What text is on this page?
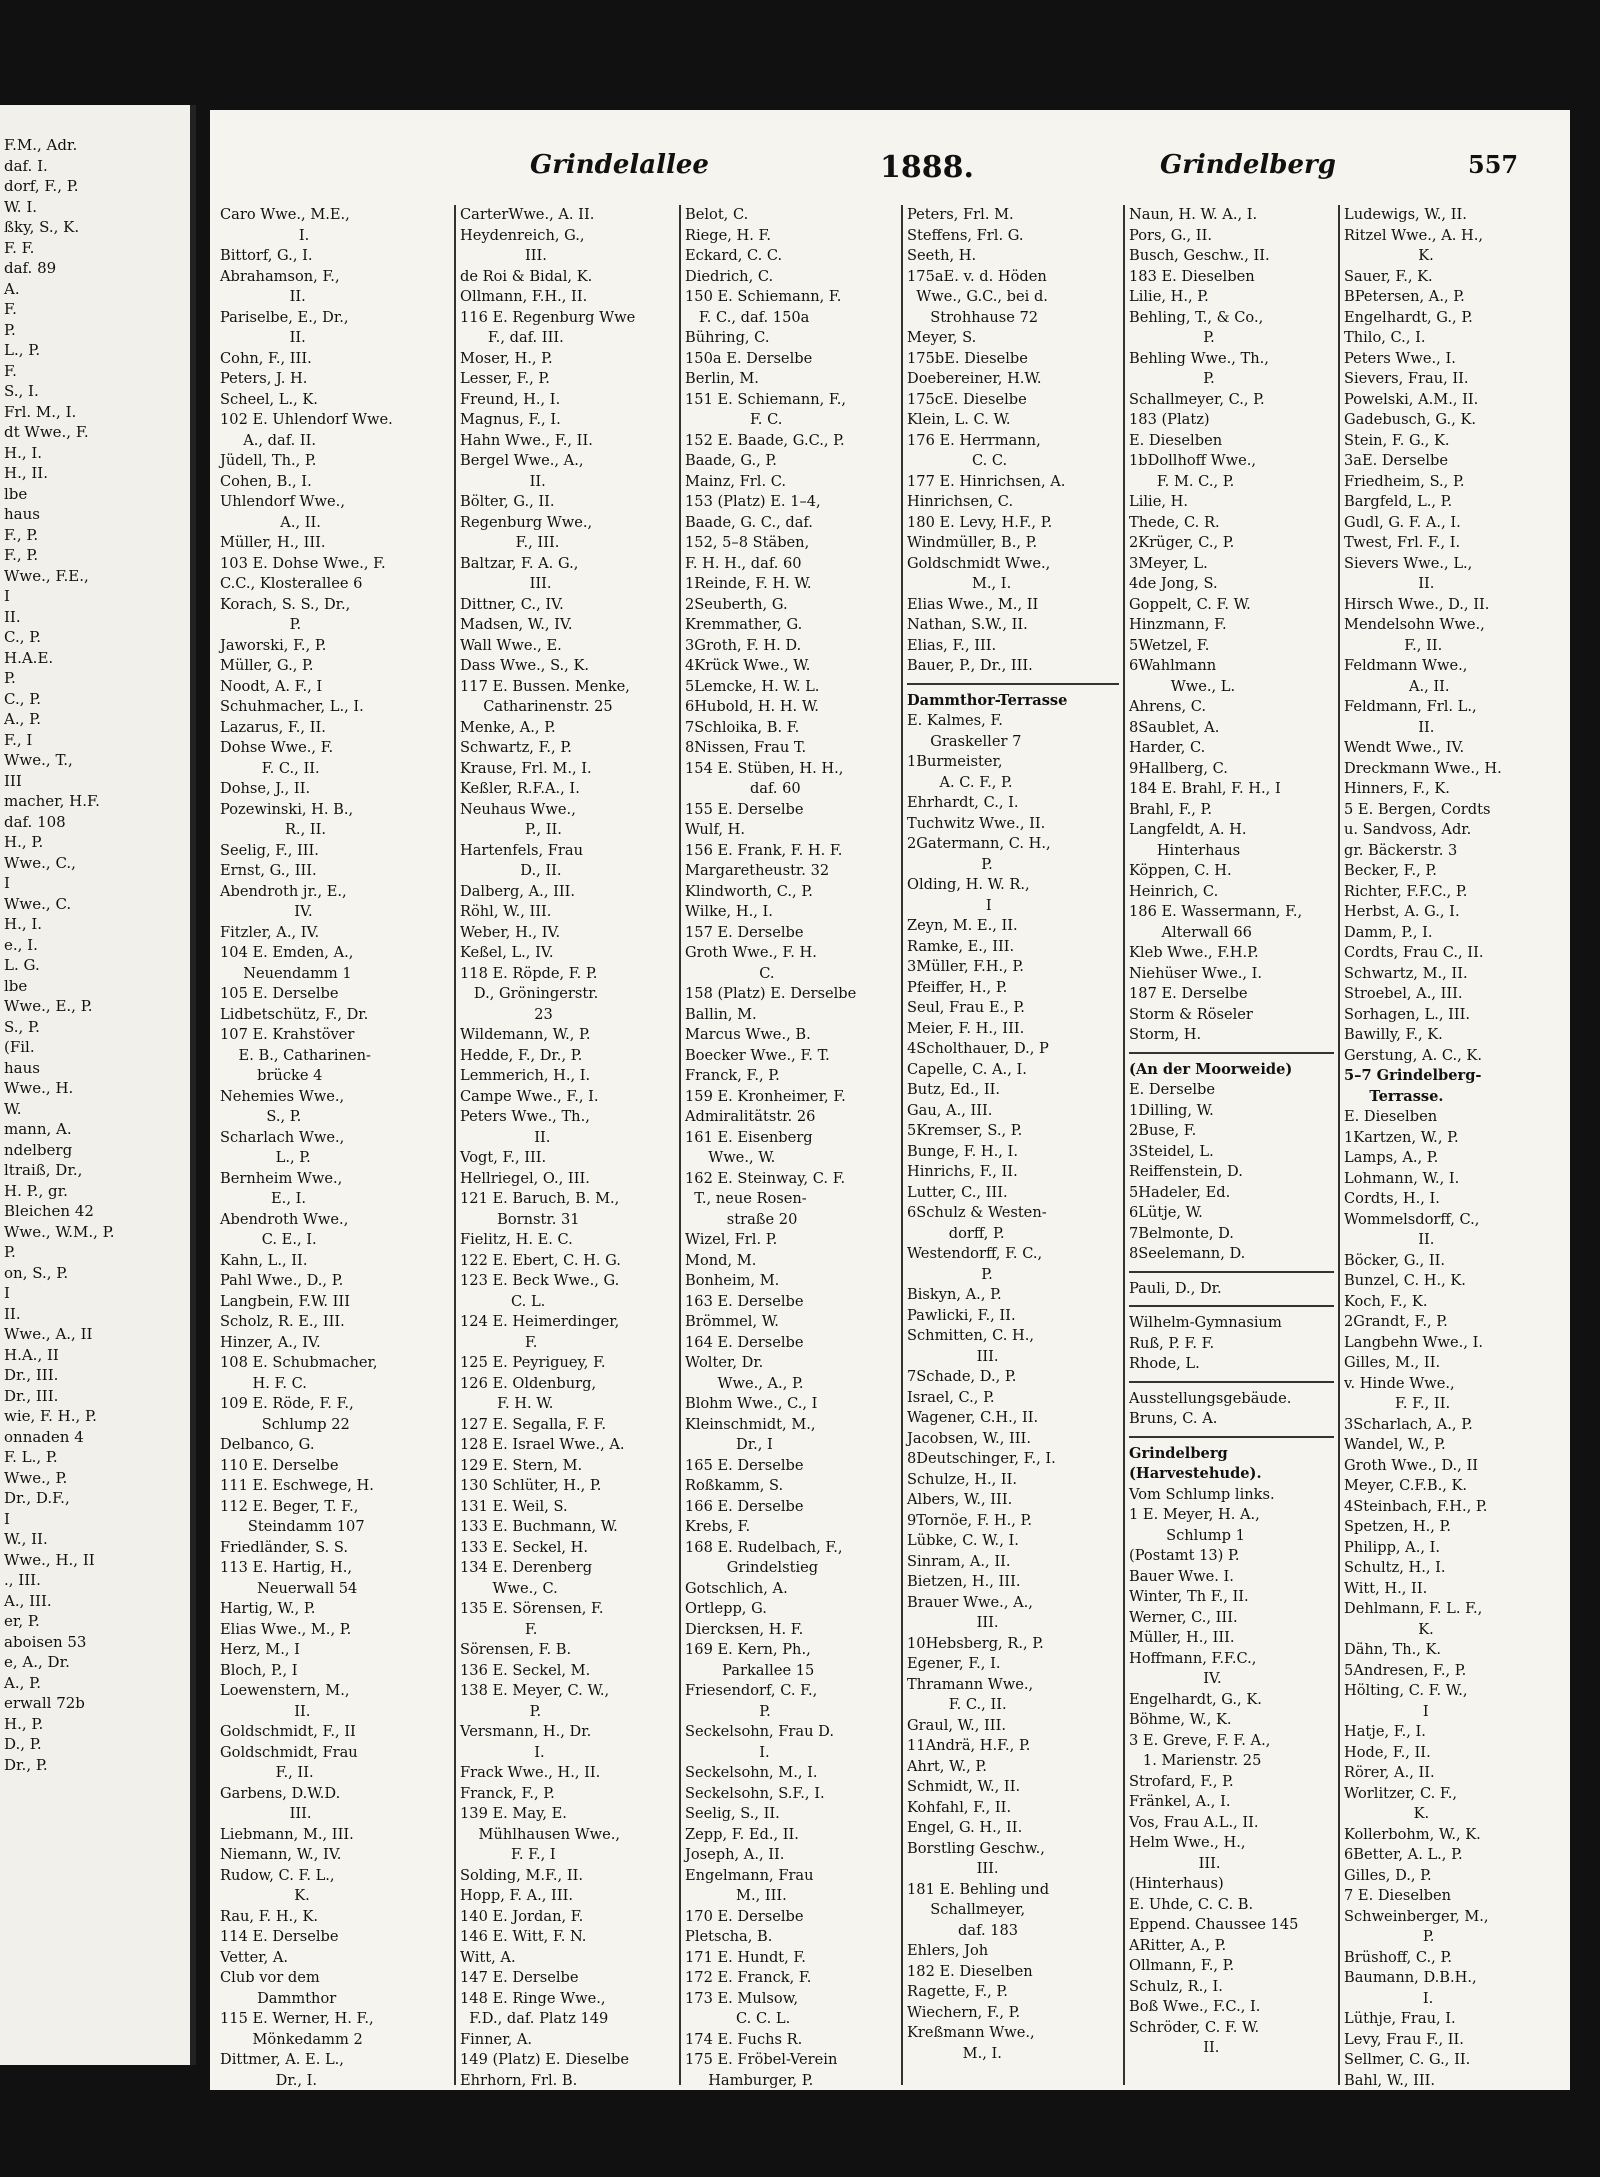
F.M., Adr.
daf. I.
dorf, F., P.
W. I.
ßky, S., K.
F. F.
daf. 89
A.
F.
P.
L., P.
F.
S., I.
Frl. M., I.
dt Wwe., F.
H., I.
H., II.
lbe
haus
F., P.
F., P.
Wwe., F.E.,
I
II.
C., P.
H.A.E.
P.
C., P.
A., P.
F., I
Wwe., T.,
III
macher, H.F.
daf. 108
H., P.
Wwe., C.,
I
Wwe., C.
H., I.
e., I.
L. G.
lbe
Wwe., E., P.
S., P.
(Fil.
haus
Wwe., H.
W.
mann, A.
ndelberg
ltraiß, Dr.,
H. P., gr.
Bleichen 42
Wwe., W.M., P.
P.
on, S., P.
I
II.
Wwe., A., II
H.A., II
Dr., III.
Dr., III.
wie, F. H., P.
onnaden 4
F. L., P.
Wwe., P.
Dr., D.F.,
I
W., II.
Wwe., H., II
., III.
A., III.
er, P.
aboisen 53
e, A., Dr.
A., P.
erwall 72b
H., P.
D., P.
Dr., P.
Grindelallee	1888.	Grindelberg	557
Caro Wwe., M.E.,
I.
Bittorf, G., I.
Abrahamson, F.,
II.
Pariselbe, E., Dr.,
II.
Cohn, F., III.
Peters, J. H.
Scheel, L., K.
102 E. Uhlendorf Wwe.
A., daf. II.
Jüdell, Th., P.
Cohen, B., I.
Uhlendorf Wwe.,
A., II.
Müller, H., III.
103 E. Dohse Wwe., F.
C.C., Klosterallee 6
Korach, S. S., Dr.,
P.
Jaworski, F., P.
Müller, G., P.
Noodt, A. F., I
Schuhmacher, L., I.
Lazarus, F., II.
Dohse Wwe., F.
F. C., II.
Dohse, J., II.
Pozewinski, H. B.,
R., II.
Seelig, F., III.
Ernst, G., III.
Abendroth jr., E.,
IV.
Fitzler, A., IV.
104 E. Emden, A.,
Neuendamm 1
105 E. Derselbe
Lidbetschütz, F., Dr.
107 E. Krahstöver
E. B., Catharinen-
brücke 4
Nehemies Wwe.,
S., P.
Scharlach Wwe.,
L., P.
Bernheim Wwe.,
E., I.
Abendroth Wwe.,
C. E., I.
Kahn, L., II.
Pahl Wwe., D., P.
Langbein, F.W. III
Scholz, R. E., III.
Hinzer, A., IV.
108 E. Schubmacher,
H. F. C.
109 E. Röde, F. F.,
Schlump 22
Delbanco, G.
110 E. Derselbe
111 E. Eschwege, H.
112 E. Beger, T. F.,
Steindamm 107
Friedländer, S. S.
113 E. Hartig, H.,
Neuerwall 54
Hartig, W., P.
Elias Wwe., M., P.
Herz, M., I
Bloch, P., I
Loewenstern, M.,
II.
Goldschmidt, F., II
Goldschmidt, Frau
F., II.
Garbens, D.W.D.
III.
Liebmann, M., III.
Niemann, W., IV.
Rudow, C. F. L.,
K.
Rau, F. H., K.
114 E. Derselbe
Vetter, A.
Club vor dem
Dammthor
115 E. Werner, H. F.,
Mönkedamm 2
Dittmer, A. E. L.,
Dr., I.
CarterWwe., A. II.
Heydenreich, G.,
III.
de Roi & Bidal, K.
Ollmann, F.H., II.
116 E. Regenburg Wwe
F., daf. III.
Moser, H., P.
Lesser, F., P.
Freund, H., I.
Magnus, F., I.
Hahn Wwe., F., II.
Bergel Wwe., A.,
II.
Bölter, G., II.
Regenburg Wwe.,
F., III.
Baltzar, F. A. G.,
III.
Dittner, C., IV.
Madsen, W., IV.
Wall Wwe., E.
Dass Wwe., S., K.
117 E. Bussen. Menke,
Catharinenstr. 25
Menke, A., P.
Schwartz, F., P.
Krause, Frl. M., I.
Keßler, R.F.A., I.
Neuhaus Wwe.,
P., II.
Hartenfels, Frau
D., II.
Dalberg, A., III.
Röhl, W., III.
Weber, H., IV.
Keßel, L., IV.
118 E. Röpde, F. P.
D., Gröningerstr.
23
Wildemann, W., P.
Hedde, F., Dr., P.
Lemmerich, H., I.
Campe Wwe., F., I.
Peters Wwe., Th.,
II.
Vogt, F., III.
Hellriegel, O., III.
121 E. Baruch, B. M.,
Bornstr. 31
Fielitz, H. E. C.
122 E. Ebert, C. H. G.
123 E. Beck Wwe., G.
C. L.
124 E. Heimerdinger,
F.
125 E. Peyriguey, F.
126 E. Oldenburg,
F. H. W.
127 E. Segalla, F. F.
128 E. Israel Wwe., A.
129 E. Stern, M.
130 Schlüter, H., P.
131 E. Weil, S.
133 E. Buchmann, W.
133 E. Seckel, H.
134 E. Derenberg
Wwe., C.
135 E. Sörensen, F.
F.
Sörensen, F. B.
136 E. Seckel, M.
138 E. Meyer, C. W.,
P.
Versmann, H., Dr.
I.
Frack Wwe., H., II.
Franck, F., P.
139 E. May, E.
Mühlhausen Wwe.,
F. F., I
Solding, M.F., II.
Hopp, F. A., III.
140 E. Jordan, F.
146 E. Witt, F. N.
Witt, A.
147 E. Derselbe
148 E. Ringe Wwe.,
F.D., daf. Platz 149
Finner, A.
149 (Platz) E. Dieselbe
Ehrhorn, Frl. B.
Hamm, F. S.
Belot, C.
Riege, H. F.
Eckard, C. C.
Diedrich, C.
150 E. Schiemann, F.
F. C., daf. 150a
Bühring, C.
150a E. Derselbe
Berlin, M.
151 E. Schiemann, F.,
F. C.
152 E. Baade, G.C., P.
Baade, G., P.
Mainz, Frl. C.
153 (Platz) E. 1–4,
Baade, G. C., daf.
152, 5–8 Stäben,
F. H. H., daf. 60
1Reinde, F. H. W.
2Seuberth, G.
Kremmather, G.
3Groth, F. H. D.
4Krück Wwe., W.
5Lemcke, H. W. L.
6Hubold, H. H. W.
7Schloika, B. F.
8Nissen, Frau T.
154 E. Stüben, H. H.,
daf. 60
155 E. Derselbe
Wulf, H.
156 E. Frank, F. H. F.
Margaretheustr. 32
Klindworth, C., P.
Wilke, H., I.
157 E. Derselbe
Groth Wwe., F. H.
C.
158 (Platz) E. Derselbe
Ballin, M.
Marcus Wwe., B.
Boecker Wwe., F. T.
Franck, F., P.
159 E. Kronheimer, F.
Admiralitätstr. 26
161 E. Eisenberg
Wwe., W.
162 E. Steinway, C. F.
T., neue Rosen-
straße 20
Wizel, Frl. P.
Mond, M.
Bonheim, M.
163 E. Derselbe
Brömmel, W.
164 E. Derselbe
Wolter, Dr.
Wwe., A., P.
Blohm Wwe., C., I
Kleinschmidt, M.,
Dr., I
165 E. Derselbe
Roßkamm, S.
166 E. Derselbe
Krebs, F.
168 E. Rudelbach, F.,
Grindelstieg
Gotschlich, A.
Ortlepp, G.
Diercksen, H. F.
169 E. Kern, Ph.,
Parkallee 15
Friesendorf, C. F.,
P.
Seckelsohn, Frau D.
I.
Seckelsohn, M., I.
Seckelsohn, S.F., I.
Seelig, S., II.
Zepp, F. Ed., II.
Joseph, A., II.
Engelmann, Frau
M., III.
170 E. Derselbe
Pletscha, B.
171 E. Hundt, F.
172 E. Franck, F.
173 E. Mulsow,
C. C. L.
174 E. Fuchs R.
175 E. Fröbel-Verein
Hamburger, P.
Peters, Frl. M.
Steffens, Frl. G.
Seeth, H.
175aE. v. d. Höden
Wwe., G.C., bei d.
Strohhause 72
Meyer, S.
175bE. Dieselbe
Doebereiner, H.W.
175cE. Dieselbe
Klein, L. C. W.
176 E. Herrmann,
C. C.
177 E. Hinrichsen, A.
Hinrichsen, C.
180 E. Levy, H.F., P.
Windmüller, B., P.
Goldschmidt Wwe.,
M., I.
Elias Wwe., M., II
Nathan, S.W., II.
Elias, F., III.
Bauer, P., Dr., III.
Dammthor-Terrasse
E. Kalmes, F.
Graskeller 7
1Burmeister,
A. C. F., P.
Ehrhardt, C., I.
Tuchwitz Wwe., II.
2Gatermann, C. H.,
P.
Olding, H. W. R.,
I
Zeyn, M. E., II.
Ramke, E., III.
3Müller, F.H., P.
Pfeiffer, H., P.
Seul, Frau E., P.
Meier, F. H., III.
4Scholthauer, D., P
Capelle, C. A., I.
Butz, Ed., II.
Gau, A., III.
5Kremser, S., P.
Bunge, F. H., I.
Hinrichs, F., II.
Lutter, C., III.
6Schulz & Westen-
dorff, P.
Westendorff, F. C.,
P.
Biskyn, A., P.
Pawlicki, F., II.
Schmitten, C. H.,
III.
7Schade, D., P.
Israel, C., P.
Wagener, C.H., II.
Jacobsen, W., III.
8Deutschinger, F., I.
Schulze, H., II.
Albers, W., III.
9Tornöe, F. H., P.
Lübke, C. W., I.
Sinram, A., II.
Bietzen, H., III.
Brauer Wwe., A.,
III.
10Hebsberg, R., P.
Egener, F., I.
Thramann Wwe.,
F. C., II.
Graul, W., III.
11Andrä, H.F., P.
Ahrt, W., P.
Schmidt, W., II.
Kohfahl, F., II.
Engel, G. H., II.
Borstling Geschw.,
III.
181 E. Behling und
Schallmeyer,
daf. 183
Ehlers, Joh
182 E. Dieselben
Ragette, F., P.
Wiechern, F., P.
Kreßmann Wwe.,
M., I.
Naun, H. W. A., I.
Pors, G., II.
Busch, Geschw., II.
183 E. Dieselben
Lilie, H., P.
Behling, T., & Co.,
P.
Behling Wwe., Th.,
P.
Schallmeyer, C., P.
183 (Platz)
E. Dieselben
1bDollhoff Wwe.,
F. M. C., P.
Lilie, H.
Thede, C. R.
2Krüger, C., P.
3Meyer, L.
4de Jong, S.
Goppelt, C. F. W.
Hinzmann, F.
5Wetzel, F.
6Wahlmann
Wwe., L.
Ahrens, C.
8Saublet, A.
Harder, C.
9Hallberg, C.
184 E. Brahl, F. H., I
Brahl, F., P.
Langfeldt, A. H.
Hinterhaus
Köppen, C. H.
Heinrich, C.
186 E. Wassermann, F.,
Alterwall 66
Kleb Wwe., F.H.P.
Niehüser Wwe., I.
187 E. Derselbe
Storm & Röseler
Storm, H.
(An der Moorweide)
E. Derselbe
1Dilling, W.
2Buse, F.
3Steidel, L.
Reiffenstein, D.
5Hadeler, Ed.
6Lütje, W.
7Belmonte, D.
8Seelemann, D.
Pauli, D., Dr.
Wilhelm-Gymnasium
Ruß, P. F. F.
Rhode, L.
Ausstellungsgebäude.
Bruns, C. A.
Grindelberg
(Harvestehude).
Vom Schlump links.
1 E. Meyer, H. A.,
Schlump 1
(Postamt 13) P.
Bauer Wwe. I.
Winter, Th F., II.
Werner, C., III.
Müller, H., III.
Hoffmann, F.F.C.,
IV.
Engelhardt, G., K.
Böhme, W., K.
3 E. Greve, F. F. A.,
1. Marienstr. 25
Strofard, F., P.
Fränkel, A., I.
Vos, Frau A.L., II.
Helm Wwe., H.,
III.
(Hinterhaus)
E. Uhde, C. C. B.
Eppend. Chaussee 145
ARitter, A., P.
Ollmann, F., P.
Schulz, R., I.
Boß Wwe., F.C., I.
Schröder, C. F. W.
II.
Ludewigs, W., II.
Ritzel Wwe., A. H.,
K.
Sauer, F., K.
BPetersen, A., P.
Engelhardt, G., P.
Thilo, C., I.
Peters Wwe., I.
Sievers, Frau, II.
Powelski, A.M., II.
Gadebusch, G., K.
Stein, F. G., K.
3aE. Derselbe
Friedheim, S., P.
Bargfeld, L., P.
Gudl, G. F. A., I.
Twest, Frl. F., I.
Sievers Wwe., L.,
II.
Hirsch Wwe., D., II.
Mendelsohn Wwe.,
F., II.
Feldmann Wwe.,
A., II.
Feldmann, Frl. L.,
II.
Wendt Wwe., IV.
Dreckmann Wwe., H.
Hinners, F., K.
5 E. Bergen, Cordts
u. Sandvoss, Adr.
gr. Bäckerstr. 3
Becker, F., P.
Richter, F.F.C., P.
Herbst, A. G., I.
Damm, P., I.
Cordts, Frau C., II.
Schwartz, M., II.
Stroebel, A., III.
Sorhagen, L., III.
Bawilly, F., K.
Gerstung, A. C., K.
5–7 Grindelberg-
Terrasse.
E. Dieselben
1Kartzen, W., P.
Lamps, A., P.
Lohmann, W., I.
Cordts, H., I.
Wommelsdorff, C.,
II.
Böcker, G., II.
Bunzel, C. H., K.
Koch, F., K.
2Grandt, F., P.
Langbehn Wwe., I.
Gilles, M., II.
v. Hinde Wwe.,
F. F., II.
3Scharlach, A., P.
Wandel, W., P.
Groth Wwe., D., II
Meyer, C.F.B., K.
4Steinbach, F.H., P.
Spetzen, H., P.
Philipp, A., I.
Schultz, H., I.
Witt, H., II.
Dehlmann, F. L. F.,
K.
Dähn, Th., K.
5Andresen, F., P.
Hölting, C. F. W.,
I
Hatje, F., I.
Hode, F., II.
Rörer, A., II.
Worlitzer, C. F.,
K.
Kollerbohm, W., K.
6Better, A. L., P.
Gilles, D., P.
7 E. Dieselben
Schweinberger, M.,
P.
Brüshoff, C., P.
Baumann, D.B.H.,
I.
Lüthje, Frau, I.
Levy, Frau F., II.
Sellmer, C. G., II.
Bahl, W., III.
